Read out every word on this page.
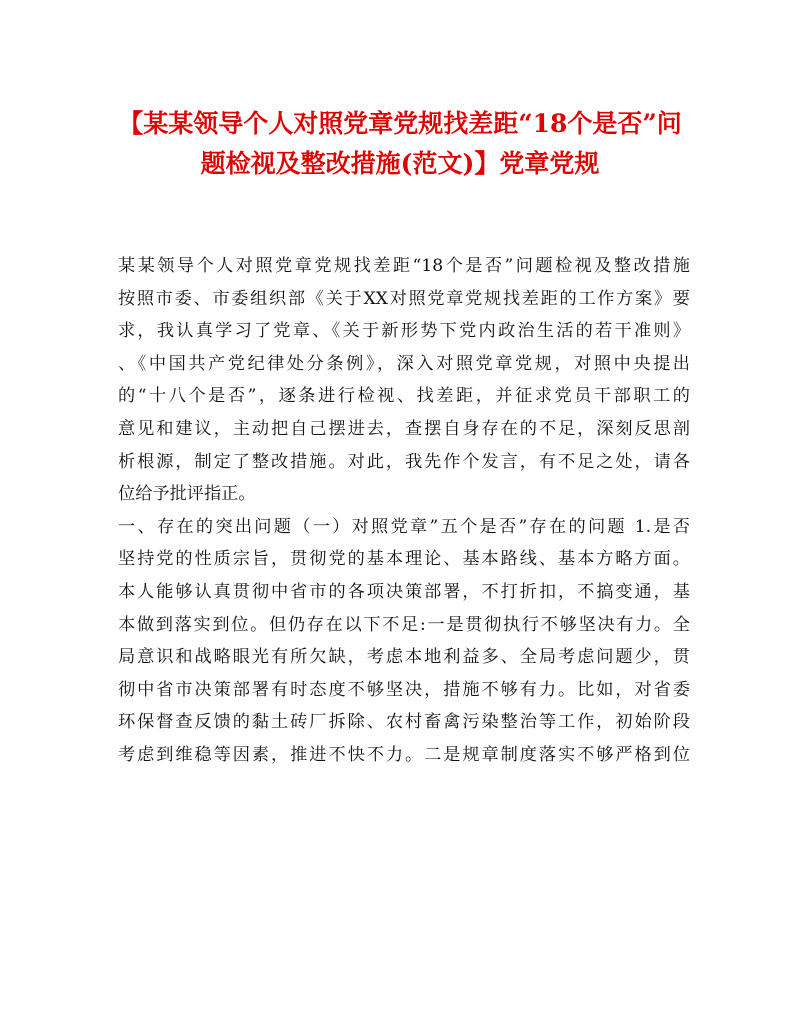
【某某领导个人对照党章党规找差距“18个是否”问
题检视及整改措施(范文)】党章党规
某某领导个人对照党章党规找差距“18个是否”问题检视及整改措施
按照市委、市委组织部《关于XX对照党章党规找差距的工作方案》要
求，我认真学习了党章、《关于新形势下党内政治生活的若干准则》
、《中国共产党纪律处分条例》，深入对照党章党规，对照中央提出
的“十八个是否”，逐条进行检视、找差距，并征求党员干部职工的
意见和建议，主动把自己摆进去，查摆自身存在的不足，深刻反思剖
析根源，制定了整改措施。对此，我先作个发言，有不足之处，请各
位给予批评指正。
一、存在的突出问题（一）对照党章”五个是否”存在的问题 1.是否
坚持党的性质宗旨，贯彻党的基本理论、基本路线、基本方略方面。
本人能够认真贯彻中省市的各项决策部署，不打折扣，不搞变通，基
本做到落实到位。但仍存在以下不足:一是贯彻执行不够坚决有力。全
局意识和战略眼光有所欠缺，考虑本地利益多、全局考虑问题少，贯
彻中省市决策部署有时态度不够坚决，措施不够有力。比如，对省委
环保督查反馈的黏土砖厂拆除、农村畜禽污染整治等工作，初始阶段
考虑到维稳等因素，推进不快不力。二是规章制度落实不够严格到位
